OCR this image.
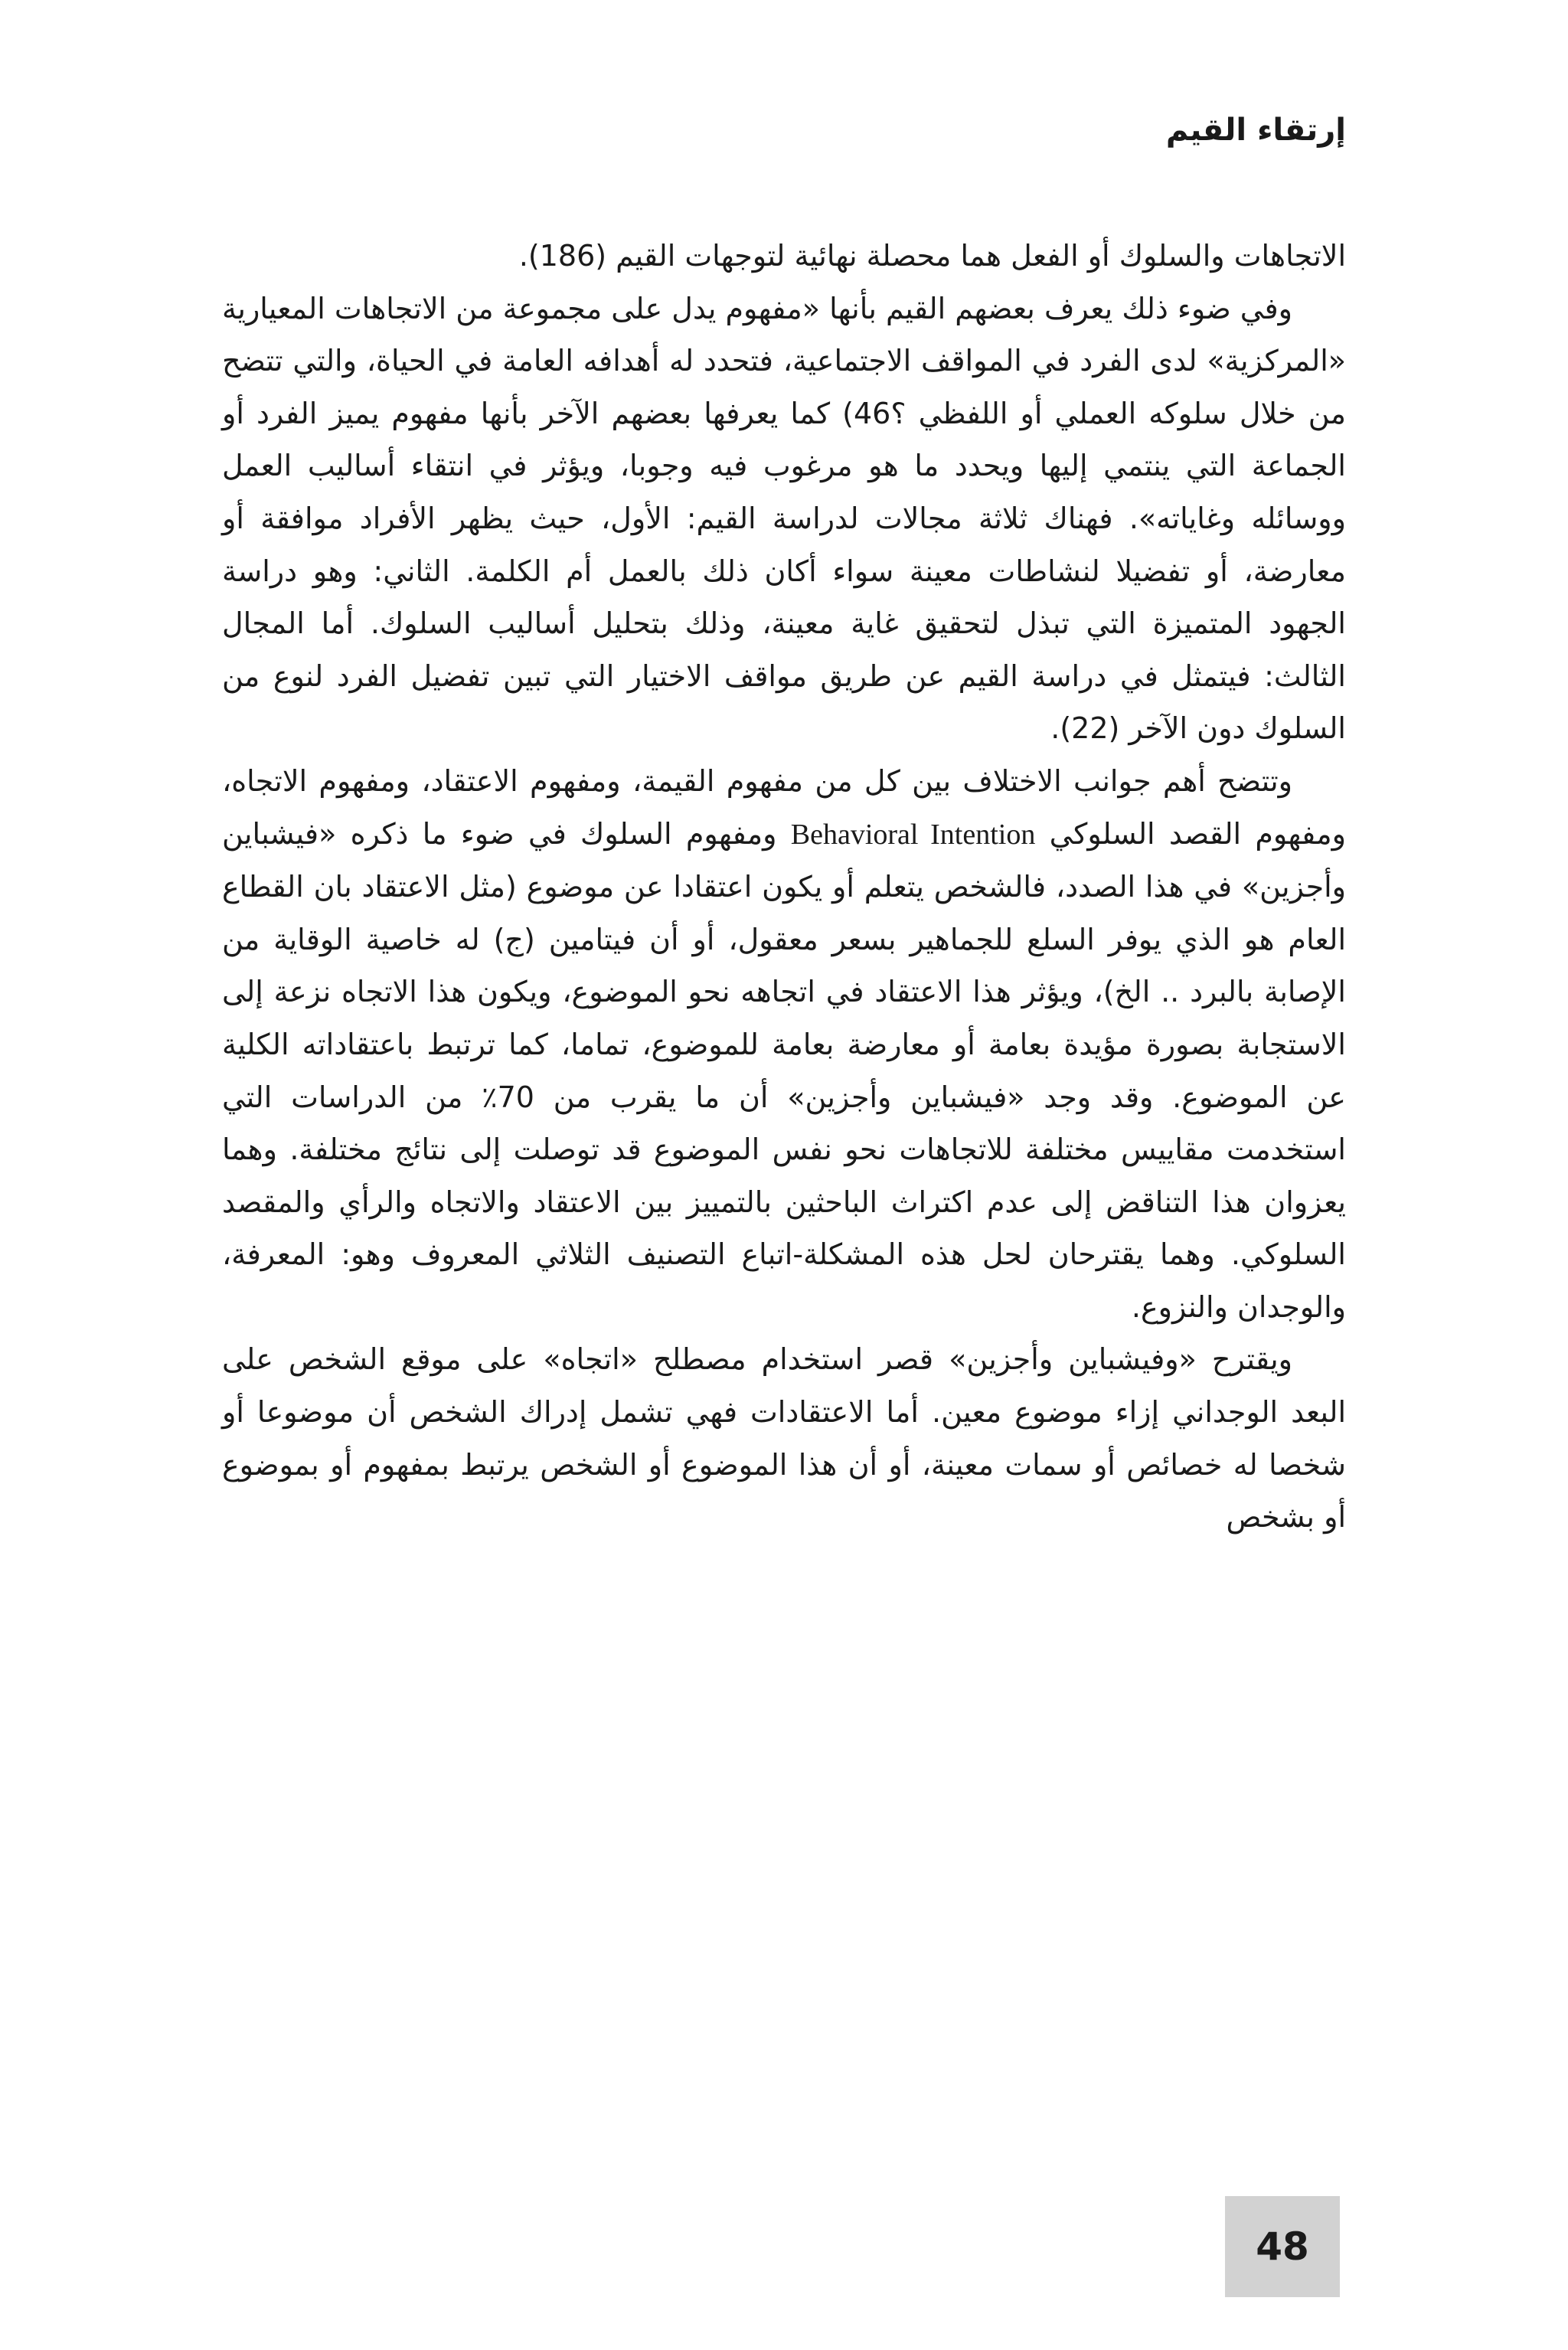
إرتقاء القيم

الاتجاهات والسلوك أو الفعل هما محصلة نهائية لتوجهات القيم (186).

وفي ضوء ذلك يعرف بعضهم القيم بأنها «مفهوم يدل على مجموعة من الاتجاهات المعيارية «المركزية» لدى الفرد في المواقف الاجتماعية، فتحدد له أهدافه العامة في الحياة، والتي تتضح من خلال سلوكه العملي أو اللفظي ؟46) كما يعرفها بعضهم الآخر بأنها مفهوم يميز الفرد أو الجماعة التي ينتمي إليها ويحدد ما هو مرغوب فيه وجوبا، ويؤثر في انتقاء أساليب العمل ووسائله وغاياته». فهناك ثلاثة مجالات لدراسة القيم: الأول، حيث يظهر الأفراد موافقة أو معارضة، أو تفضيلا لنشاطات معينة سواء أكان ذلك بالعمل أم الكلمة. الثاني: وهو دراسة الجهود المتميزة التي تبذل لتحقيق غاية معينة، وذلك بتحليل أساليب السلوك. أما المجال الثالث: فيتمثل في دراسة القيم عن طريق مواقف الاختيار التي تبين تفضيل الفرد لنوع من السلوك دون الآخر (22).

وتتضح أهم جوانب الاختلاف بين كل من مفهوم القيمة، ومفهوم الاعتقاد، ومفهوم الاتجاه، ومفهوم القصد السلوكي Behavioral Intention ومفهوم السلوك في ضوء ما ذكره «فيشباين وأجزين» في هذا الصدد، فالشخص يتعلم أو يكون اعتقادا عن موضوع (مثل الاعتقاد بان القطاع العام هو الذي يوفر السلع للجماهير بسعر معقول، أو أن فيتامين (ج) له خاصية الوقاية من الإصابة بالبرد .. الخ)، ويؤثر هذا الاعتقاد في اتجاهه نحو الموضوع، ويكون هذا الاتجاه نزعة إلى الاستجابة بصورة مؤيدة بعامة أو معارضة بعامة للموضوع، تماما، كما ترتبط باعتقاداته الكلية عن الموضوع. وقد وجد «فيشباين وأجزين» أن ما يقرب من 70٪ من الدراسات التي استخدمت مقاييس مختلفة للاتجاهات نحو نفس الموضوع قد توصلت إلى نتائج مختلفة. وهما يعزوان هذا التناقض إلى عدم اكتراث الباحثين بالتمييز بين الاعتقاد والاتجاه والرأي والمقصد السلوكي. وهما يقترحان لحل هذه المشكلة-اتباع التصنيف الثلاثي المعروف وهو: المعرفة، والوجدان والنزوع.

ويقترح «وفيشباين وأجزين» قصر استخدام مصطلح «اتجاه» على موقع الشخص على البعد الوجداني إزاء موضوع معين. أما الاعتقادات فهي تشمل إدراك الشخص أن موضوعا أو شخصا له خصائص أو سمات معينة، أو أن هذا الموضوع أو الشخص يرتبط بمفهوم أو بموضوع أو بشخص

48
